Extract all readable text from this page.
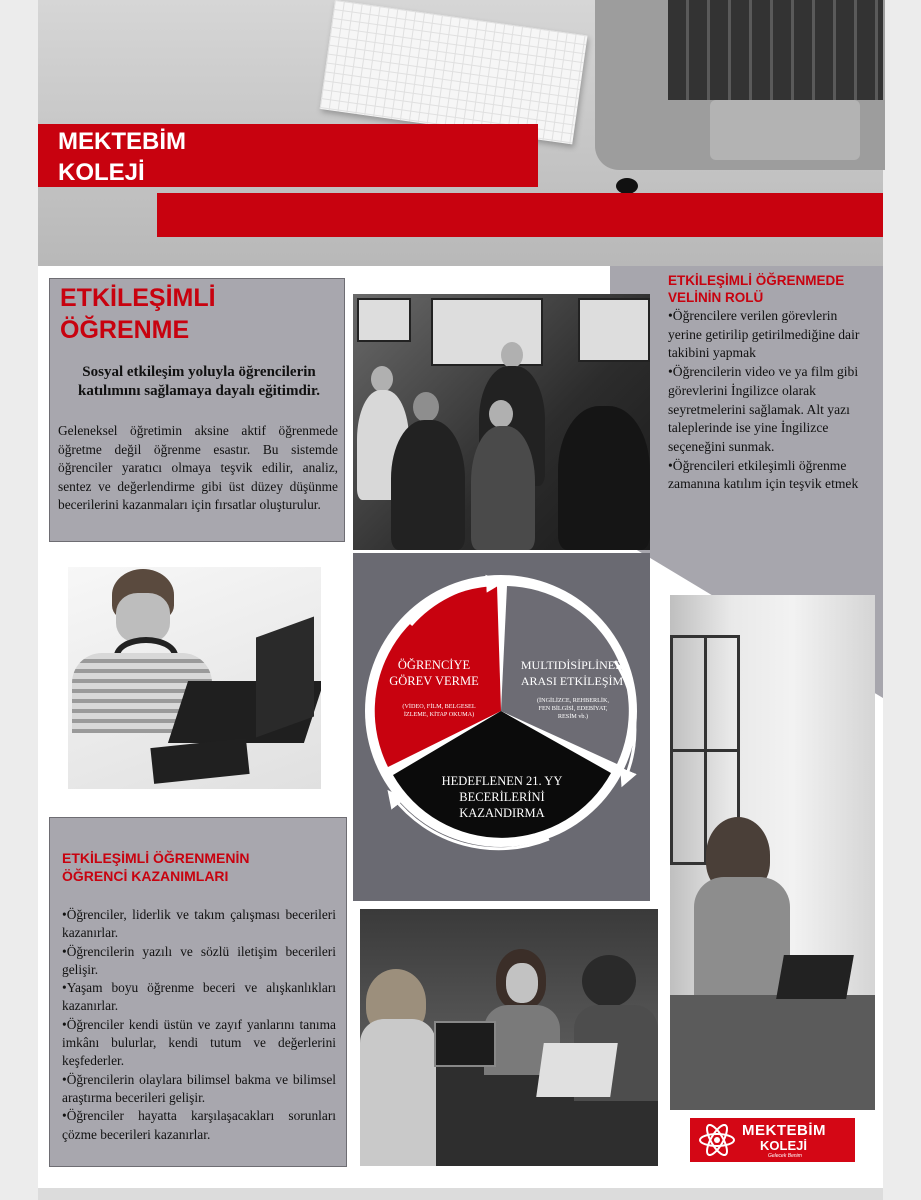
MEKTEBİM
KOLEJİ
ETKİLEŞİMLİ
ÖĞRENME
Sosyal etkileşim yoluyla öğrencilerin katılımını sağlamaya dayalı eğitimdir.
Geleneksel öğretimin aksine aktif öğrenmede öğretme değil öğrenme esastır. Bu sistemde öğrenciler yaratıcı olmaya teşvik edilir, analiz, sentez ve değerlendirme gibi üst düzey düşünme becerilerini kazanmaları için fırsatlar oluşturulur.
ETKİLEŞİMLİ ÖĞRENMEDE
VELİNİN ROLÜ
•Öğrencilere verilen görevlerin yerine getirilip getirilmediğine dair takibini yapmak
•Öğrencilerin video ve ya film gibi görevlerini İngilizce olarak seyretmelerini sağlamak. Alt yazı taleplerinde ise yine İngilizce seçeneğini sunmak.
•Öğrencileri etkileşimli öğrenme zamanına katılım için teşvik etmek
ÖĞRENCİYE
GÖREV VERME
(VİDEO, FİLM, BELGESEL
İZLEME, KİTAP OKUMA)
MULTIDİSİPLİNER
ARASI ETKİLEŞİM
(İNGİLİZCE, REHBERLİK,
FEN BİLGİSİ, EDEBİYAT,
RESİM vb.)
HEDEFLENEN 21. YY
BECERİLERİNİ
KAZANDIRMA
ETKİLEŞİMLİ ÖĞRENMENİN
ÖĞRENCİ KAZANIMLARI
•Öğrenciler, liderlik ve takım çalışması becerileri kazanırlar.
•Öğrencilerin yazılı ve sözlü iletişim becerileri gelişir.
•Yaşam boyu öğrenme beceri ve alışkanlıkları kazanırlar.
•Öğrenciler kendi üstün ve zayıf yanlarını tanıma imkânı bulurlar, kendi tutum ve değerlerini keşfederler.
•Öğrencilerin olaylara bilimsel bakma ve bilimsel araştırma becerileri gelişir.
•Öğrenciler hayatta karşılaşacakları sorunları çözme becerileri kazanırlar.	MEKTEBİM
KOLEJİ
Gelecek Benim
